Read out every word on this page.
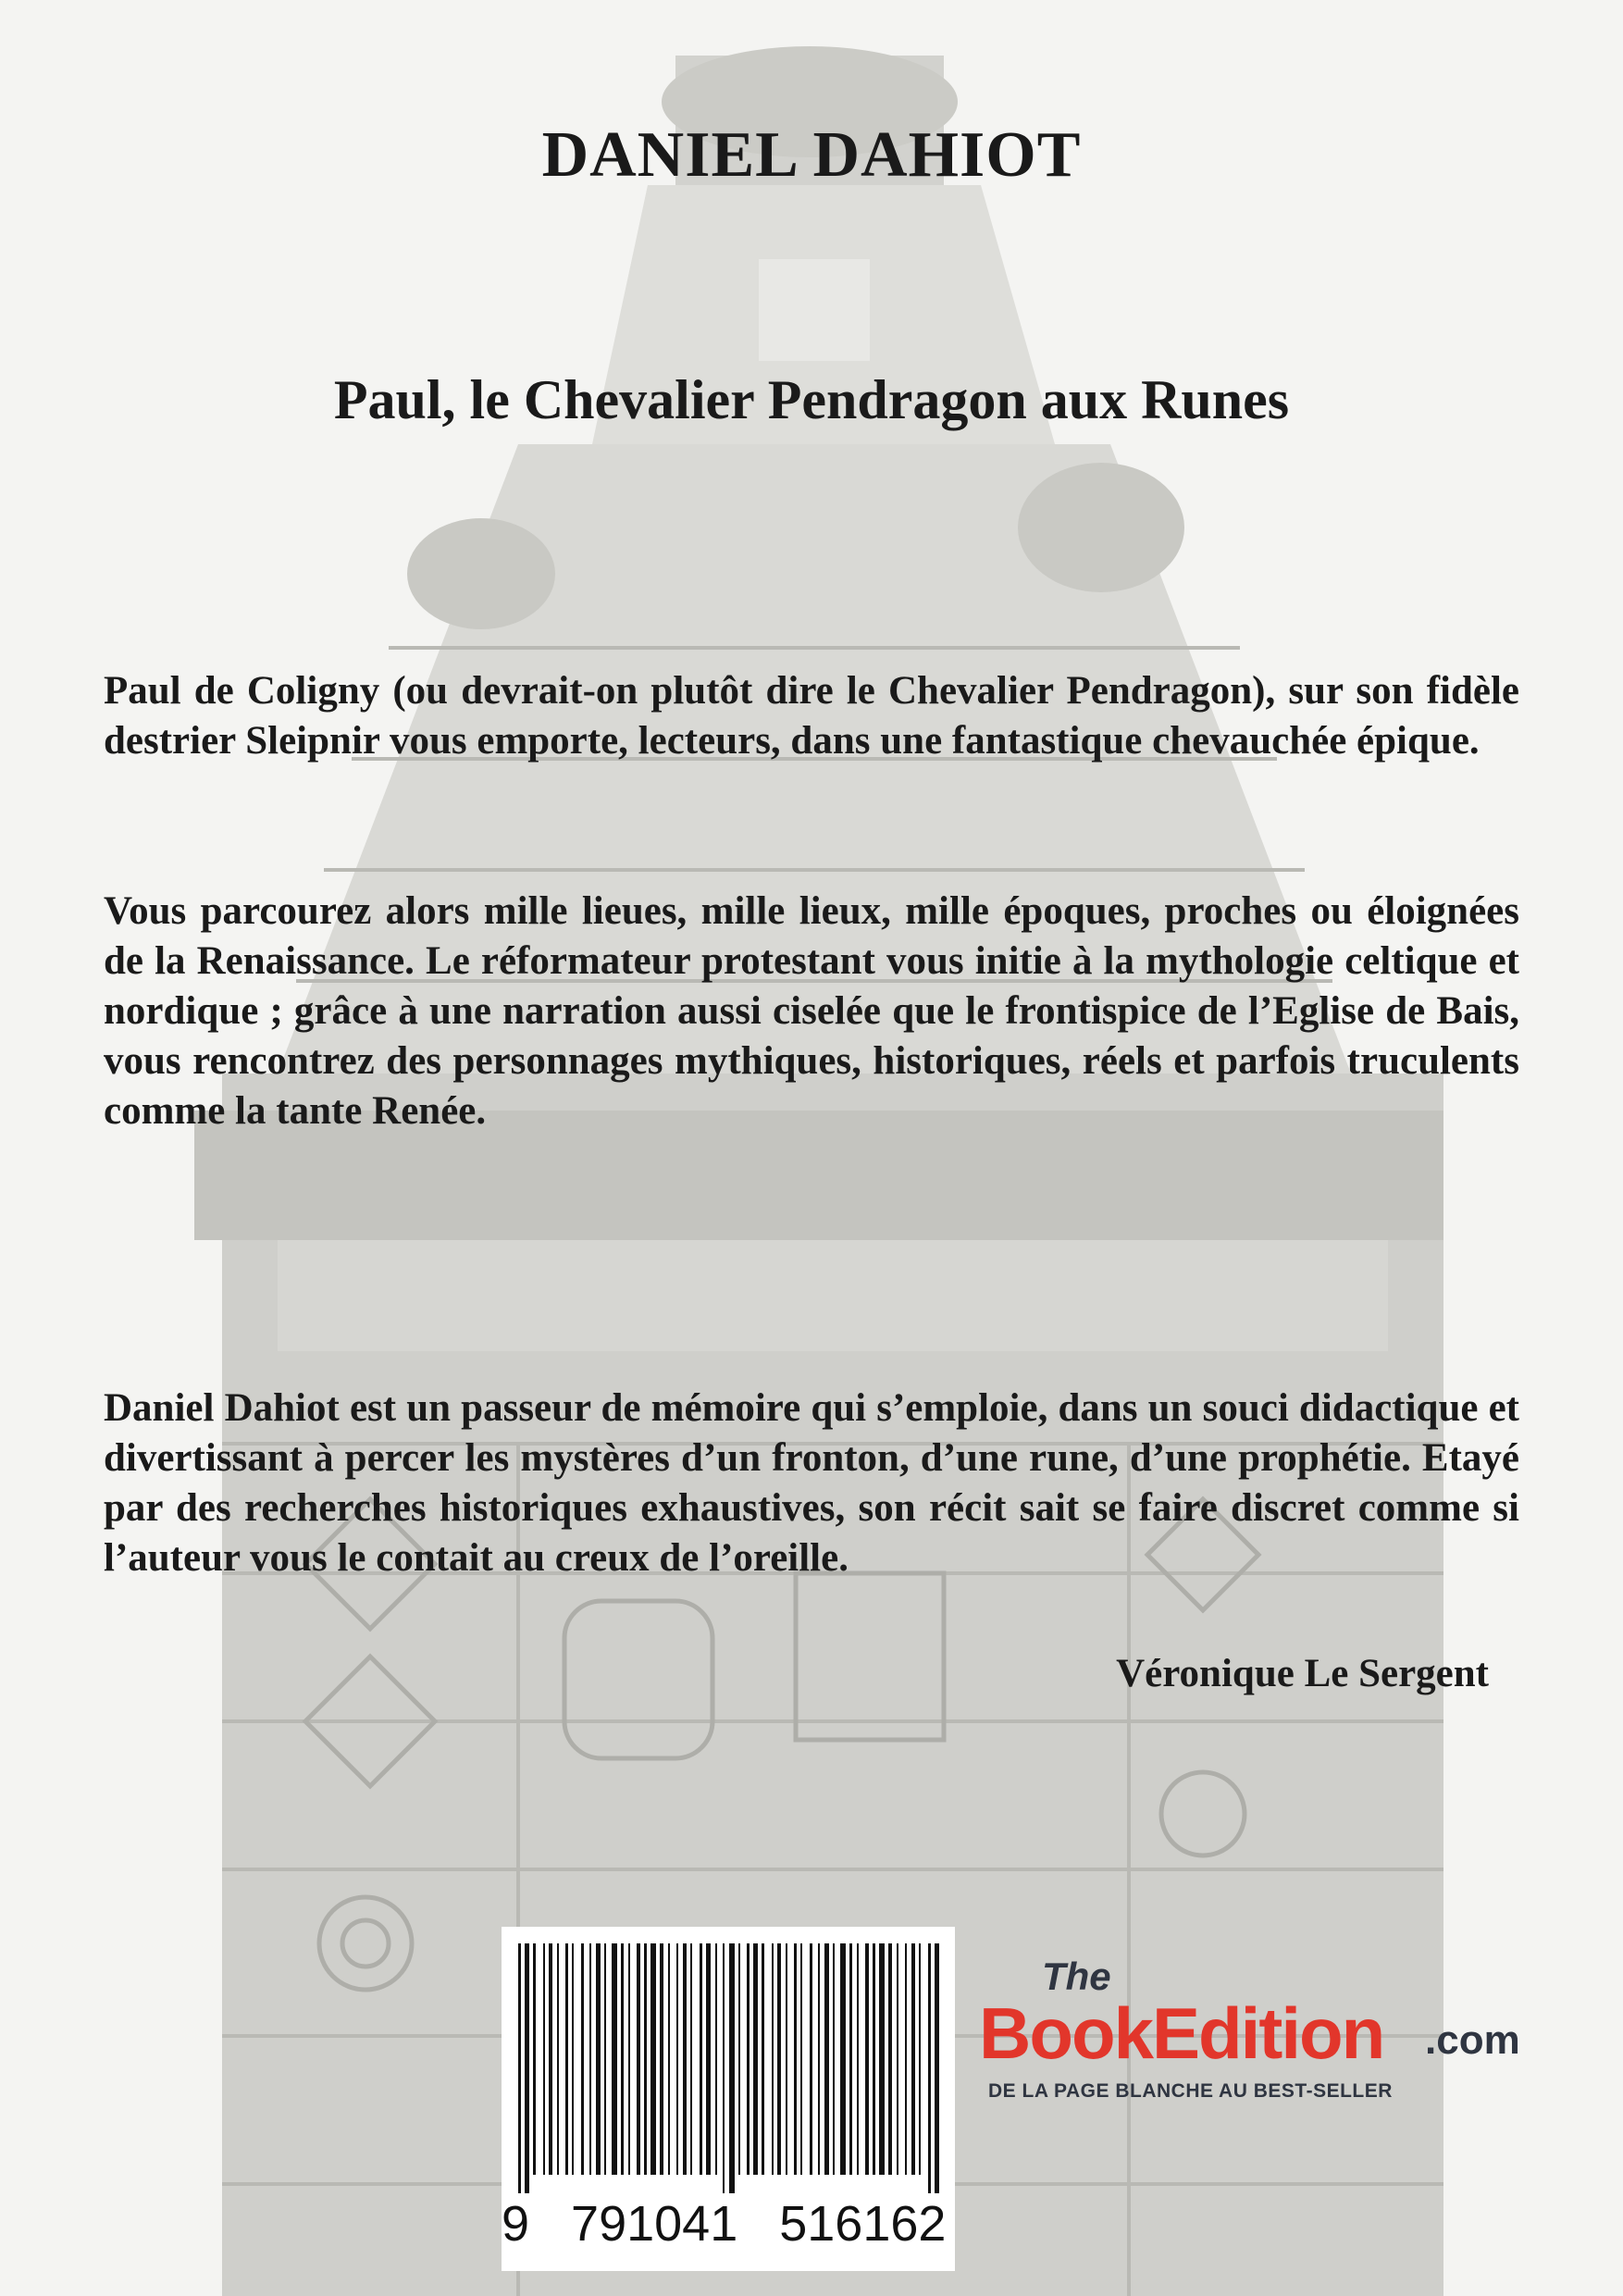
DANIEL DAHIOT
Paul, le Chevalier Pendragon aux Runes

Paul de Coligny (ou devrait-on plutôt dire le Chevalier Pendragon), sur son fidèle destrier Sleipnir vous emporte, lecteurs, dans une fantastique chevauchée épique.

Vous parcourez alors mille lieues, mille lieux, mille époques, proches ou éloignées de la Renaissance. Le réformateur protestant vous initie à la mythologie celtique et nordique ; grâce à une narration aussi ciselée que le frontispice de l’Eglise de Bais, vous rencontrez des personnages mythiques, historiques, réels et parfois truculents comme la tante Renée.

Daniel Dahiot est un passeur de mémoire qui s’emploie, dans un souci didactique et divertissant à percer les mystères d’un fronton, d’une rune, d’une prophétie. Etayé par des recherches historiques exhaustives, son récit sait se faire discret comme si l’auteur vous le contait au creux de l’oreille.

Véronique Le Sergent
9   791041   516162
The
BookEdition .com
DE LA PAGE BLANCHE AU BEST-SELLER
